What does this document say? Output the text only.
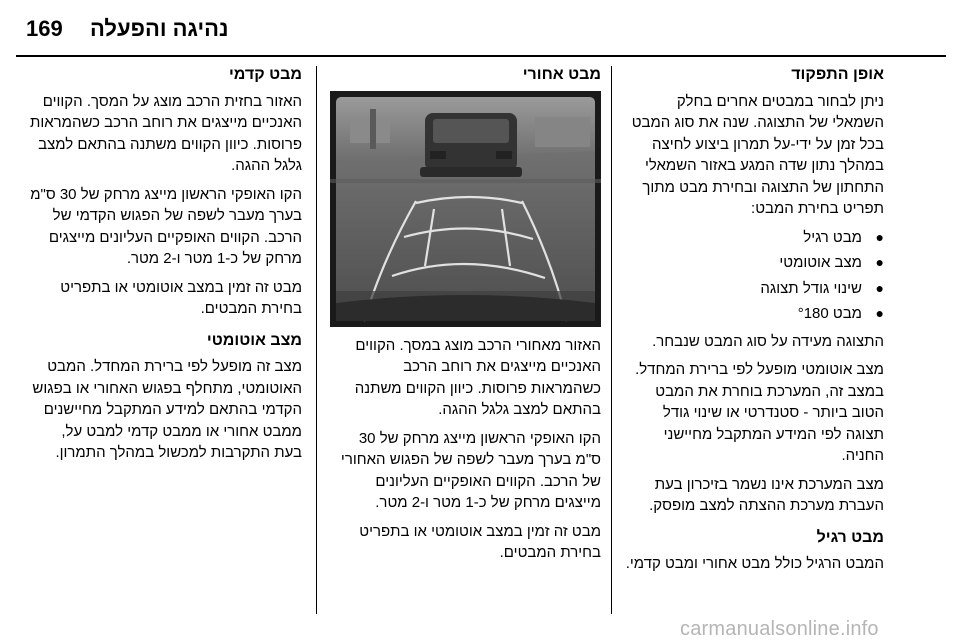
169 נהיגה והפעלה
אופן התפקוד

ניתן לבחור במבטים אחרים בחלק השמאלי של התצוגה. שנה את סוג המבט בכל זמן על ידי-על תמרון ביצוע לחיצה במהלך נתון שדה המגע באזור השמאלי התחתון של התצוגה ובחירת מבט מתוך תפריט בחירת המבט:

● מבט רגיל
● מצב אוטומטי
● שינוי גודל תצוגה
● מבט °180

התצוגה מעידה על סוג המבט שנבחר.

מצב אוטומטי מופעל לפי ברירת המחדל. במצב זה, המערכת בוחרת את המבט הטוב ביותר - סטנדרטי או שינוי גודל תצוגה לפי המידע המתקבל מחיישני החניה.

מצב המערכת אינו נשמר בזיכרון בעת העברת מערכת ההצתה למצב מופסק.

מבט רגיל

המבט הרגיל כולל מבט אחורי ומבט קדמי.

מבט אחורי

האזור מאחורי הרכב מוצג במסך. הקווים האנכיים מייצגים את רוחב הרכב כשהמראות פרוסות. כיוון הקווים משתנה בהתאם למצב גלגל ההגה.

הקו האופקי הראשון מייצג מרחק של 30 ס"מ בערך מעבר לשפה של הפגוש האחורי של הרכב. הקווים האופקיים העליונים מייצגים מרחק של כ-1 מטר ו-2 מטר.

מבט זה זמין במצב אוטומטי או בתפריט בחירת המבטים.

מבט קדמי

האזור בחזית הרכב מוצג על המסך. הקווים האנכיים מייצגים את רוחב הרכב כשהמראות פרוסות. כיוון הקווים משתנה בהתאם למצב גלגל ההגה.

הקו האופקי הראשון מייצג מרחק של 30 ס"מ בערך מעבר לשפה של הפגוש הקדמי של הרכב. הקווים האופקיים העליונים מייצגים מרחק של כ-1 מטר ו-2 מטר.

מבט זה זמין במצב אוטומטי או בתפריט בחירת המבטים.

מצב אוטומטי

מצב זה מופעל לפי ברירת המחדל. המבט האוטומטי, מתחלף בפגוש האחורי או בפגוש הקדמי בהתאם למידע המתקבל מחיישנים ממבט אחורי או ממבט קדמי למבט על, בעת התקרבות למכשול במהלך התמרון.

carmanualsonline.info
